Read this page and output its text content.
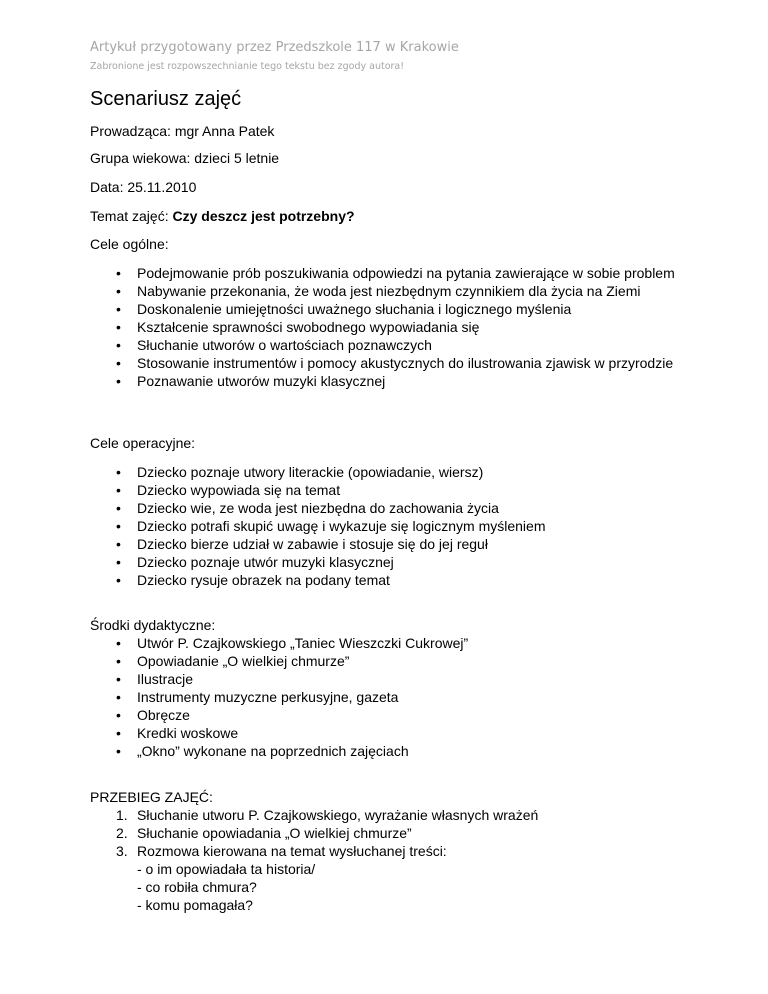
Artykuł przygotowany przez Przedszkole 117 w Krakowie
Zabronione jest rozpowszechnianie tego tekstu bez zgody autora!
Scenariusz zajęć
Prowadząca: mgr Anna Patek
Grupa wiekowa: dzieci 5 letnie
Data: 25.11.2010
Temat zajęć: Czy deszcz jest potrzebny?
Cele ogólne:
• Podejmowanie prób poszukiwania odpowiedzi na pytania zawierające w sobie problem
• Nabywanie przekonania, że woda jest niezbędnym czynnikiem dla życia na Ziemi
• Doskonalenie umiejętności uważnego słuchania i logicznego myślenia
• Kształcenie sprawności swobodnego wypowiadania się
• Słuchanie utworów o wartościach poznawczych
• Stosowanie instrumentów i pomocy akustycznych do ilustrowania zjawisk w przyrodzie
• Poznawanie utworów muzyki klasycznej
Cele operacyjne:
• Dziecko poznaje utwory literackie (opowiadanie, wiersz)
• Dziecko wypowiada się na temat
• Dziecko wie, ze woda jest niezbędna do zachowania życia
• Dziecko potrafi skupić uwagę i wykazuje się logicznym myśleniem
• Dziecko bierze udział w zabawie i stosuje się do jej reguł
• Dziecko poznaje utwór muzyki klasycznej
• Dziecko rysuje obrazek na podany temat
Środki dydaktyczne:
• Utwór P. Czajkowskiego „Taniec Wieszczki Cukrowej”
• Opowiadanie „O wielkiej chmurze”
• Ilustracje
• Instrumenty muzyczne perkusyjne, gazeta
• Obręcze
• Kredki woskowe
• „Okno” wykonane na poprzednich zajęciach
PRZEBIEG ZAJĘĆ:
1. Słuchanie utworu P. Czajkowskiego, wyrażanie własnych wrażeń
2. Słuchanie opowiadania „O wielkiej chmurze”
3. Rozmowa kierowana na temat wysłuchanej treści:
- o im opowiadała ta historia/
- co robiła chmura?
- komu pomagała?
